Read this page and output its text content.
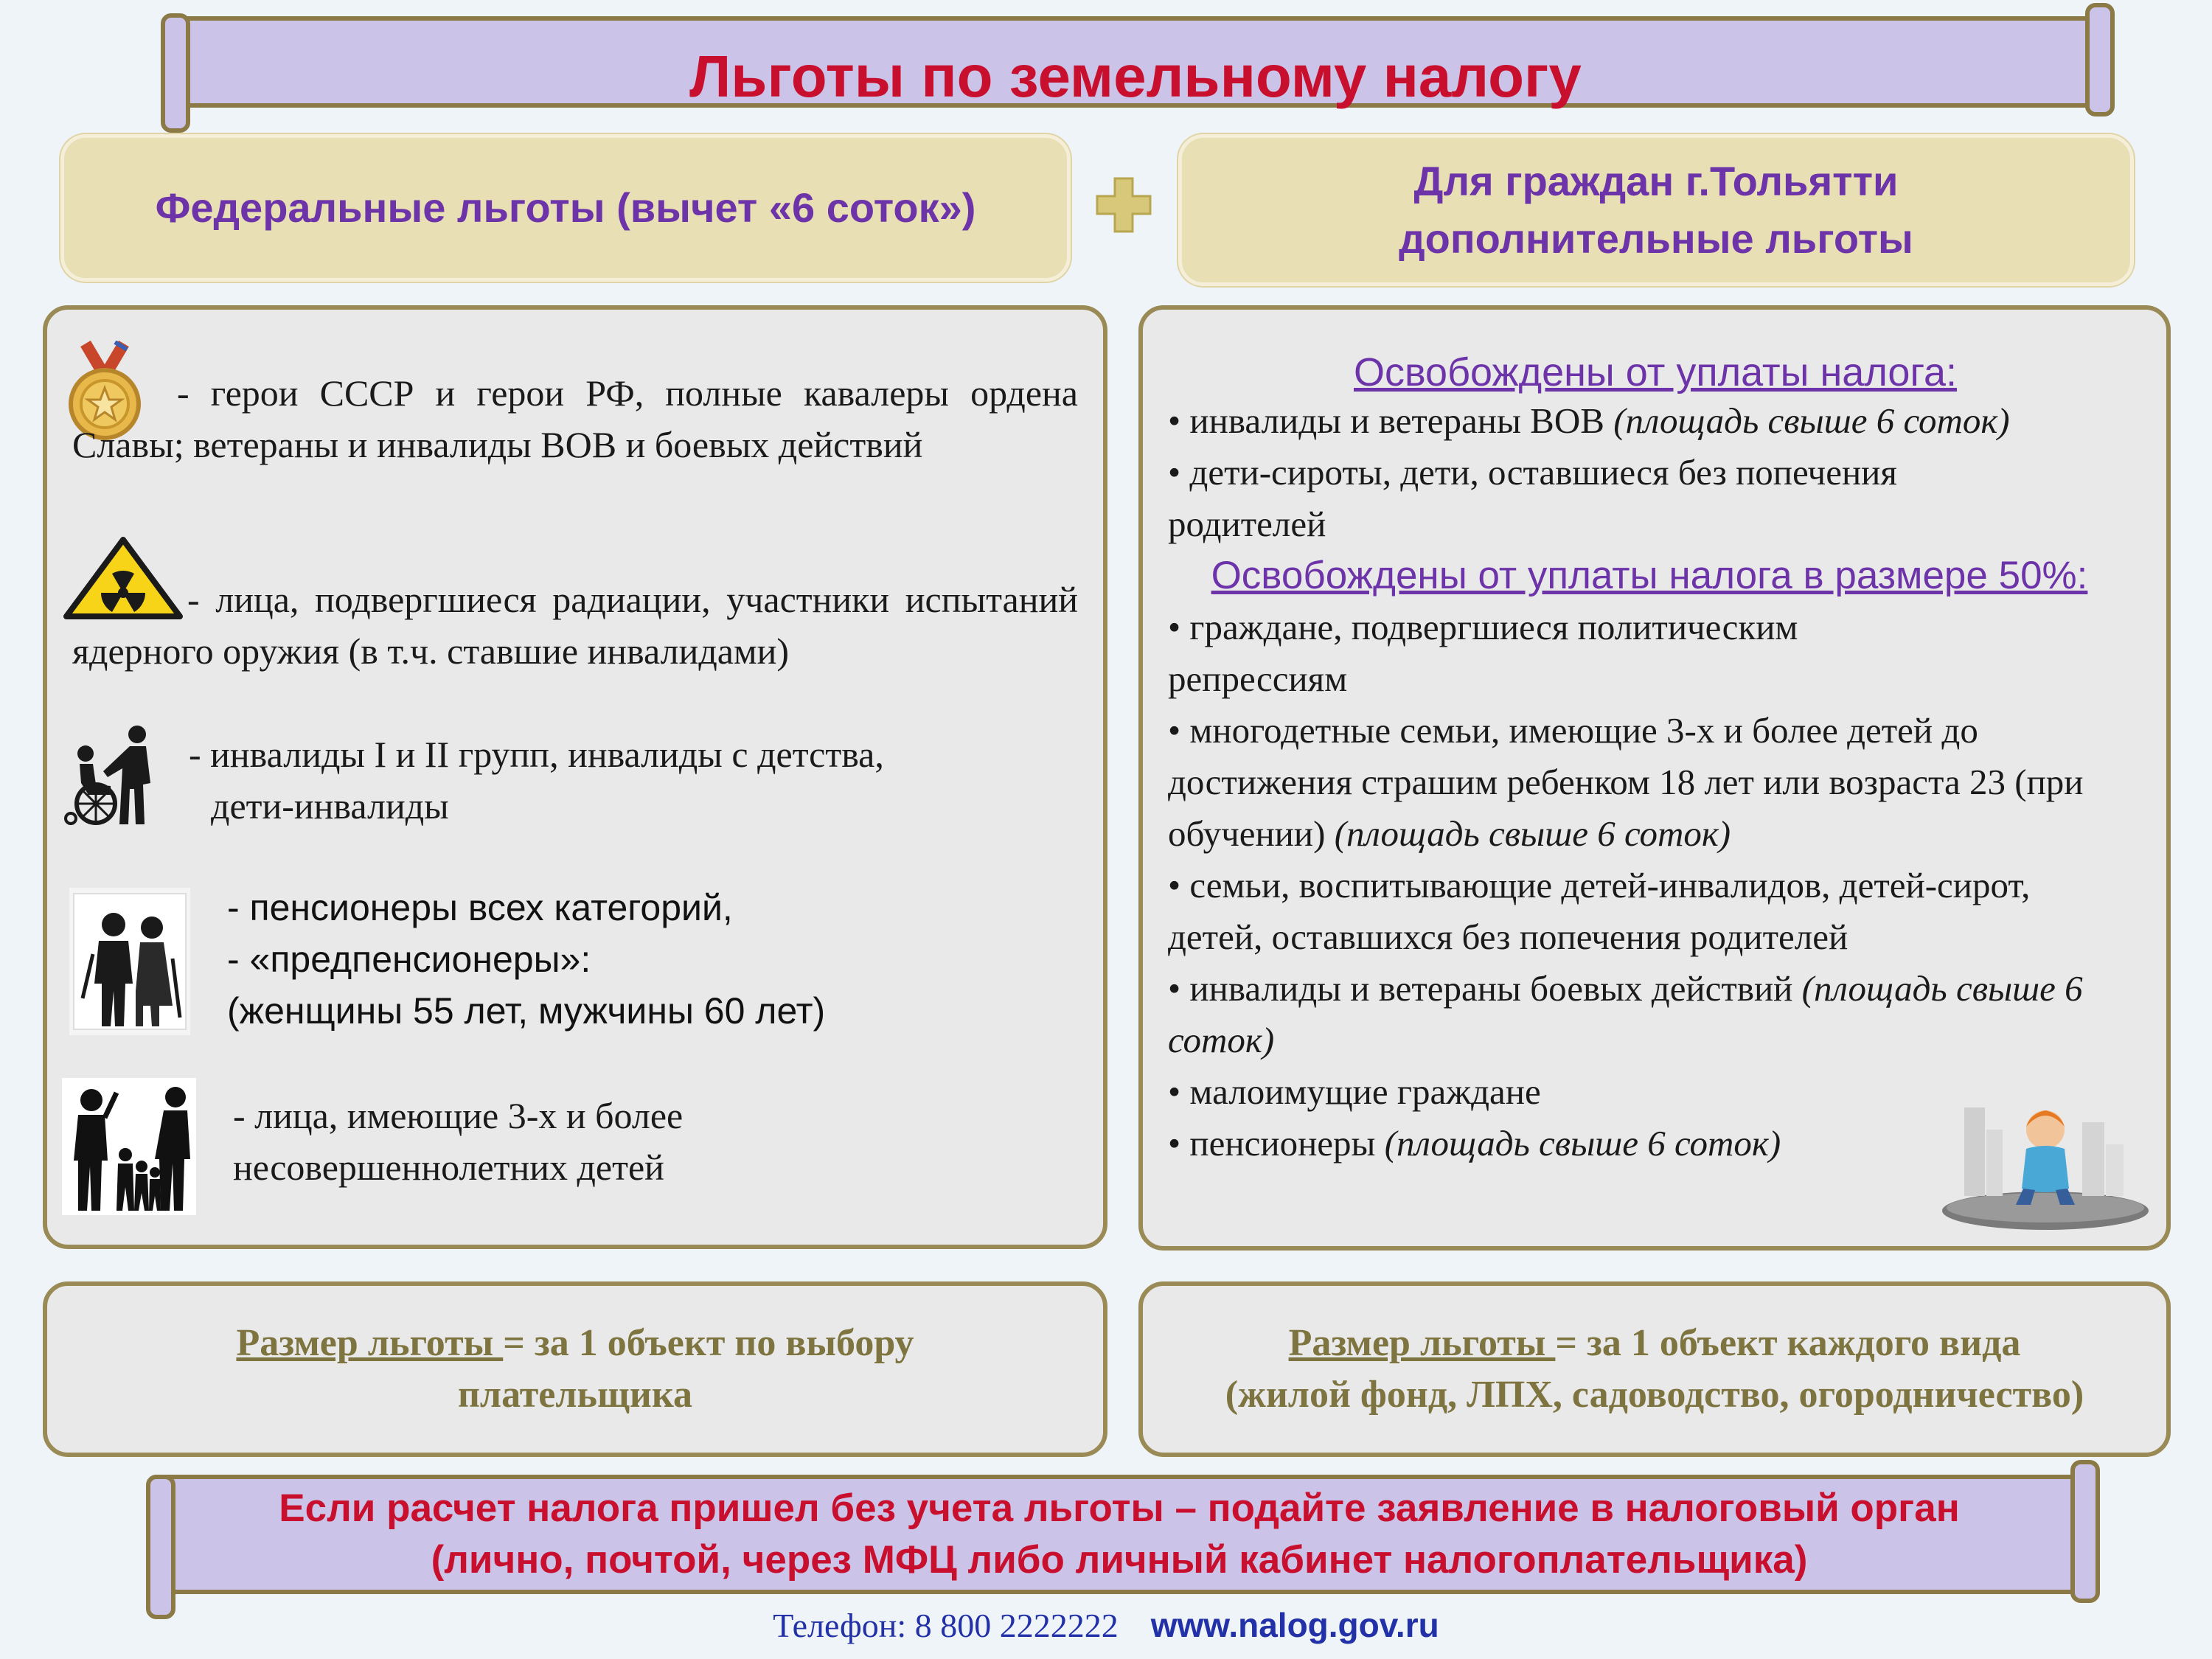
Льготы по земельному налогу
Федеральные льготы (вычет «6 соток»)
Для граждан г.Тольятти
дополнительные льготы
- герои СССР и герои РФ, полные кавалеры ордена Славы; ветераны и инвалиды ВОВ и боевых действий
- лица, подвергшиеся радиации, участники испытаний ядерного оружия (в т.ч. ставшие инвалидами)
- инвалиды I и II групп, инвалиды с детства,
дети-инвалиды
- пенсионеры всех категорий,
- «предпенсионеры»:
(женщины 55 лет, мужчины 60 лет)
- лица, имеющие 3-х и более
несовершеннолетних детей
Освобождены от уплаты налога:
• инвалиды и ветераны ВОВ (площадь свыше 6 соток)
• дети-сироты, дети, оставшиеся без попечения родителей
Освобождены от уплаты налога в размере 50%:
• граждане, подвергшиеся политическим репрессиям
• многодетные семьи, имеющие 3-х и более детей до достижения страшим ребенком 18 лет или возраста 23 (при обучении) (площадь свыше 6 соток)
• семьи, воспитывающие детей-инвалидов, детей-сирот, детей, оставшихся без попечения родителей
• инвалиды и ветераны боевых действий (площадь свыше 6 соток)
• малоимущие граждане
• пенсионеры (площадь свыше 6 соток)
Размер льготы = за 1 объект по выбору
плательщика
Размер льготы = за 1 объект каждого вида
(жилой фонд, ЛПХ, садоводство, огородничество)
Если расчет налога пришел без учета льготы – подайте заявление в налоговый орган
(лично, почтой, через МФЦ либо личный кабинет налогоплательщика)
Телефон: 8 800 2222222 www.nalog.gov.ru
